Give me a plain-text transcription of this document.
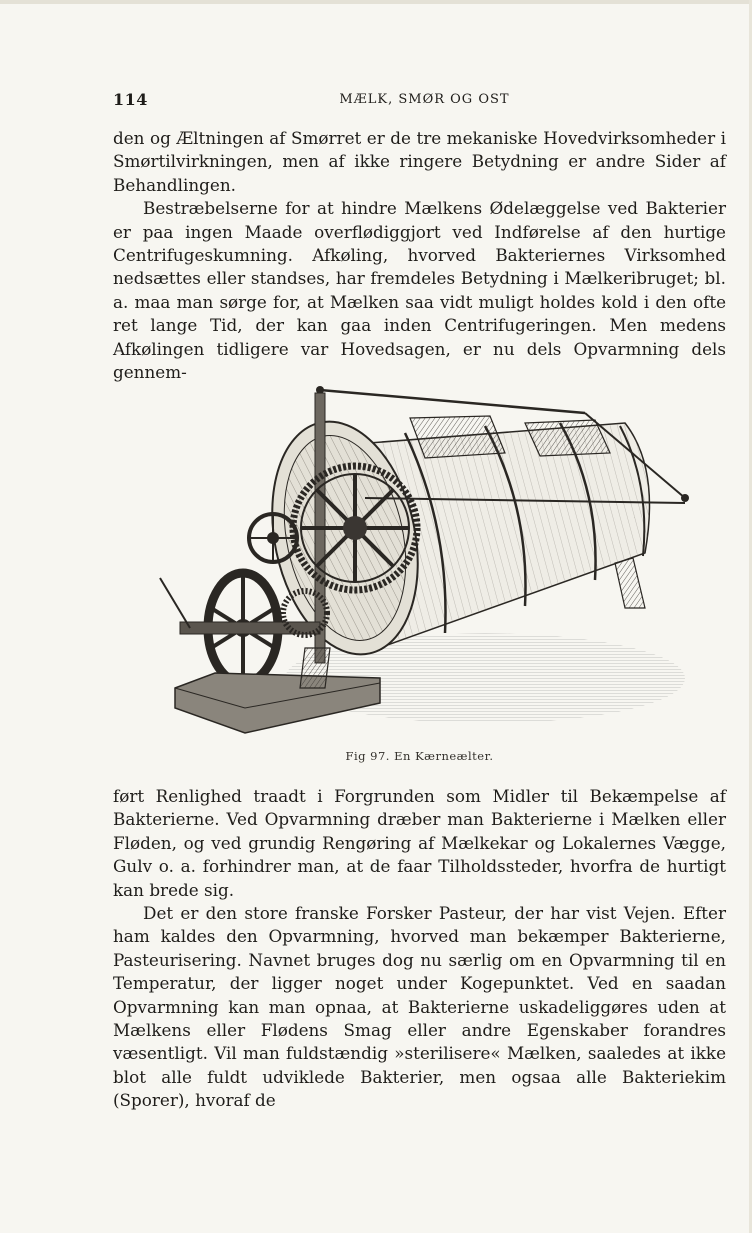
114	MÆLK, SMØR OG OST

den og Æltningen af Smørret er de tre mekaniske Hovedvirksomheder i Smørtilvirkningen, men af ikke ringere Betydning er andre Sider af Behandlingen.

Bestræbelserne for at hindre Mælkens Ødelæggelse ved Bakterier er paa ingen Maade overflødiggjort ved Indførelse af den hurtige Centrifugeskumning. Afkøling, hvorved Bakteriernes Virksomhed nedsættes eller standses, har fremdeles Betydning i Mælkeribruget; bl. a. maa man sørge for, at Mælken saa vidt muligt holdes kold i den ofte ret lange Tid, der kan gaa inden Centrifugeringen. Men medens Afkølingen tidligere var Hovedsagen, er nu dels Opvarmning dels gennem-

Fig 97. En Kærneælter.

ført Renlighed traadt i Forgrunden som Midler til Bekæmpelse af Bakterierne. Ved Opvarmning dræber man Bakterierne i Mælken eller Fløden, og ved grundig Rengøring af Mælkekar og Lokalernes Vægge, Gulv o. a. forhindrer man, at de faar Tilholdssteder, hvorfra de hurtigt kan brede sig.

Det er den store franske Forsker Pasteur, der har vist Vejen. Efter ham kaldes den Opvarmning, hvorved man bekæmper Bakterierne, Pasteurisering. Navnet bruges dog nu særlig om en Opvarmning til en Temperatur, der ligger noget under Kogepunktet. Ved en saadan Opvarmning kan man opnaa, at Bakterierne uskadeliggøres uden at Mælkens eller Flødens Smag eller andre Egenskaber forandres væsentligt. Vil man fuldstændig »sterilisere« Mælken, saaledes at ikke blot alle fuldt udviklede Bakterier, men ogsaa alle Bakteriekim (Sporer), hvoraf de
